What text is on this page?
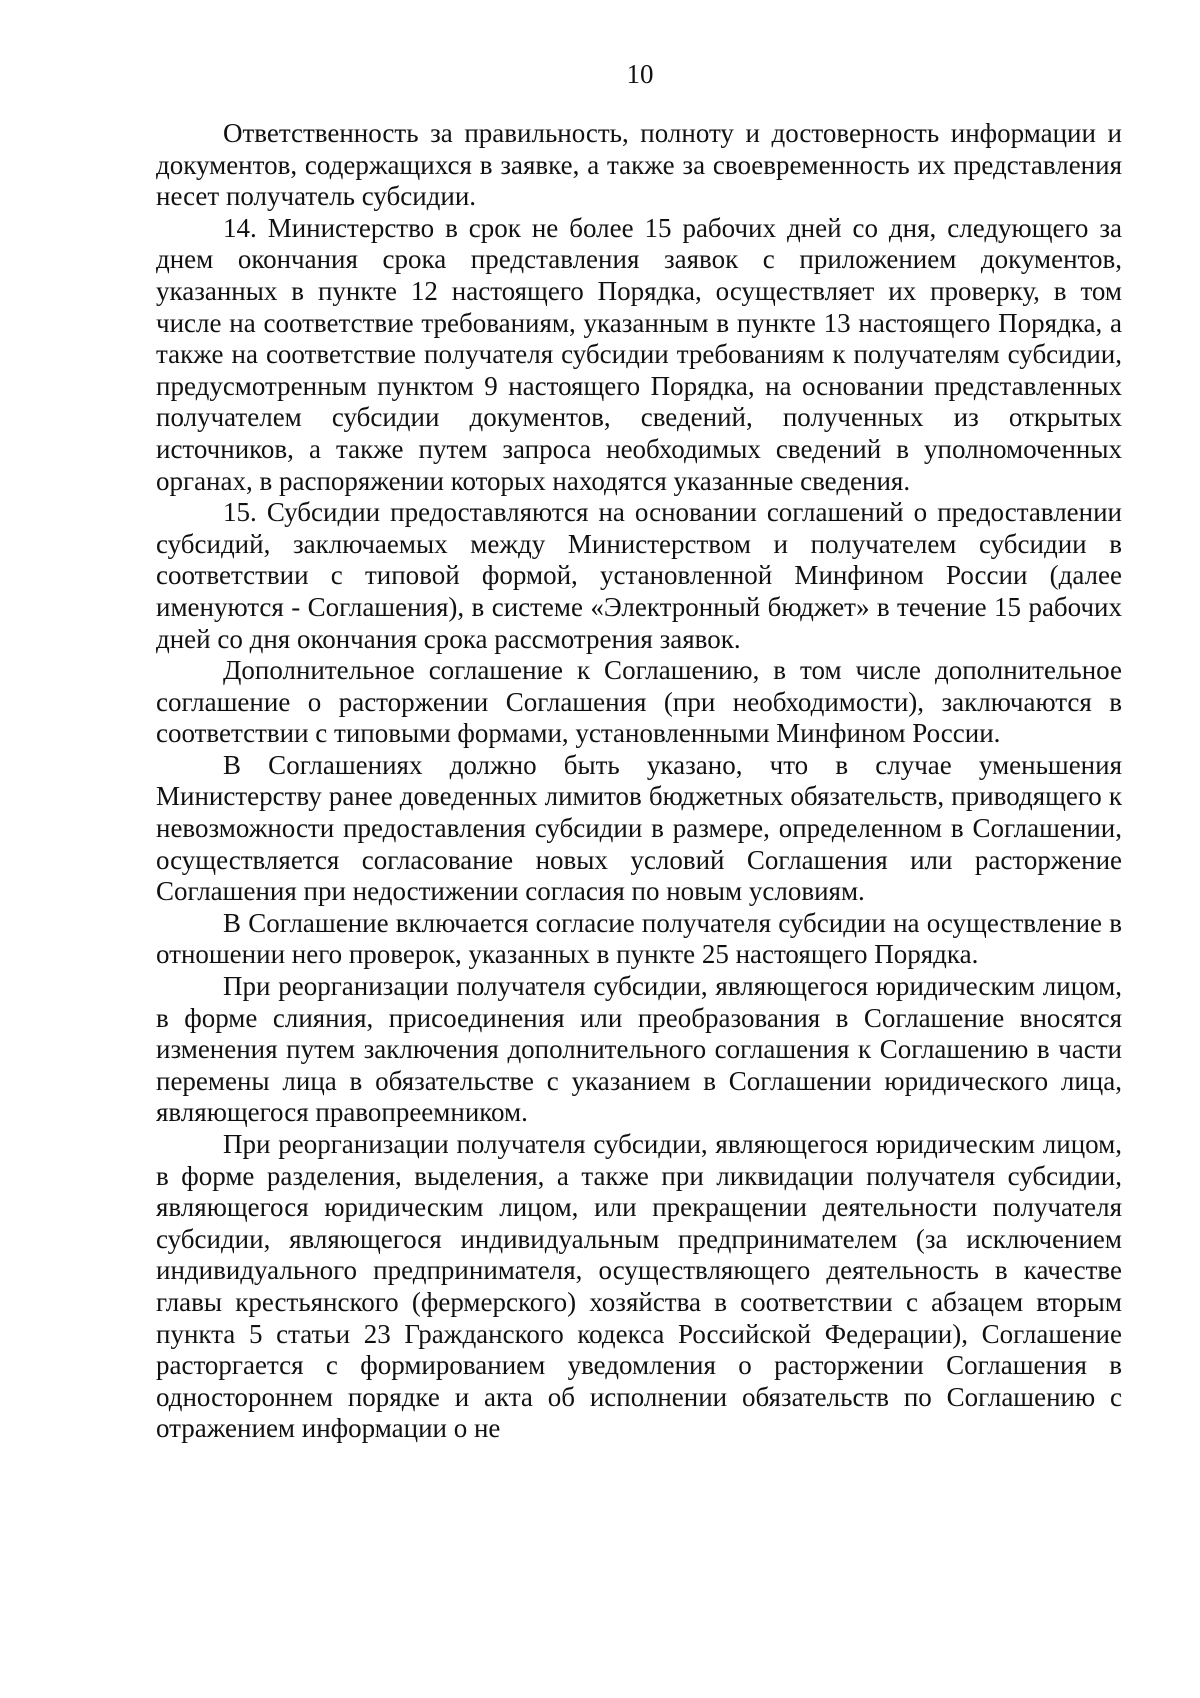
10

Ответственность за правильность, полноту и достоверность информации и документов, содержащихся в заявке, а также за своевременность их представления несет получатель субсидии.

14. Министерство в срок не более 15 рабочих дней со дня, следующего за днем окончания срока представления заявок с приложением документов, указанных в пункте 12 настоящего Порядка, осуществляет их проверку, в том числе на соответствие требованиям, указанным в пункте 13 настоящего Порядка, а также на соответствие получателя субсидии требованиям к получателям субсидии, предусмотренным пунктом 9 настоящего Порядка, на основании представленных получателем субсидии документов, сведений, полученных из открытых источников, а также путем запроса необходимых сведений в уполномоченных органах, в распоряжении которых находятся указанные сведения.

15. Субсидии предоставляются на основании соглашений о предоставлении субсидий, заключаемых между Министерством и получателем субсидии в соответствии с типовой формой, установленной Минфином России (далее именуются - Соглашения), в системе «Электронный бюджет» в течение 15 рабочих дней со дня окончания срока рассмотрения заявок.

Дополнительное соглашение к Соглашению, в том числе дополнительное соглашение о расторжении Соглашения (при необходимости), заключаются в соответствии с типовыми формами, установленными Минфином России.

В Соглашениях должно быть указано, что в случае уменьшения Министерству ранее доведенных лимитов бюджетных обязательств, приводящего к невозможности предоставления субсидии в размере, определенном в Соглашении, осуществляется согласование новых условий Соглашения или расторжение Соглашения при недостижении согласия по новым условиям.

В Соглашение включается согласие получателя субсидии на осуществление в отношении него проверок, указанных в пункте 25 настоящего Порядка.

При реорганизации получателя субсидии, являющегося юридическим лицом, в форме слияния, присоединения или преобразования в Соглашение вносятся изменения путем заключения дополнительного соглашения к Соглашению в части перемены лица в обязательстве с указанием в Соглашении юридического лица, являющегося правопреемником.

При реорганизации получателя субсидии, являющегося юридическим лицом, в форме разделения, выделения, а также при ликвидации получателя субсидии, являющегося юридическим лицом, или прекращении деятельности получателя субсидии, являющегося индивидуальным предпринимателем (за исключением индивидуального предпринимателя, осуществляющего деятельность в качестве главы крестьянского (фермерского) хозяйства в соответствии с абзацем вторым пункта 5 статьи 23 Гражданского кодекса Российской Федерации), Соглашение расторгается с формированием уведомления о расторжении Соглашения в одностороннем порядке и акта об исполнении обязательств по Соглашению с отражением информации о не
